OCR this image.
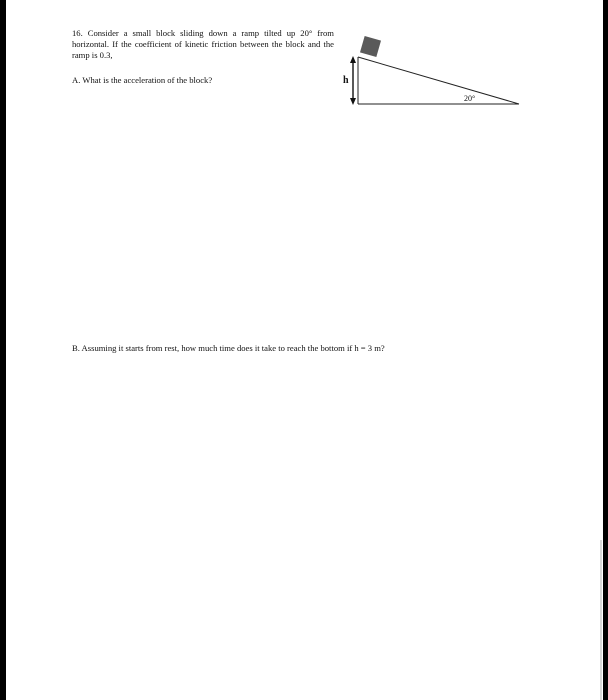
16. Consider a small block sliding down a ramp tilted up 20° from horizontal. If the coefficient of kinetic friction between the block and the ramp is 0.3,
A. What is the acceleration of the block?
B. Assuming it starts from rest, how much time does it take to reach the bottom if h = 3 m?
h
20°
